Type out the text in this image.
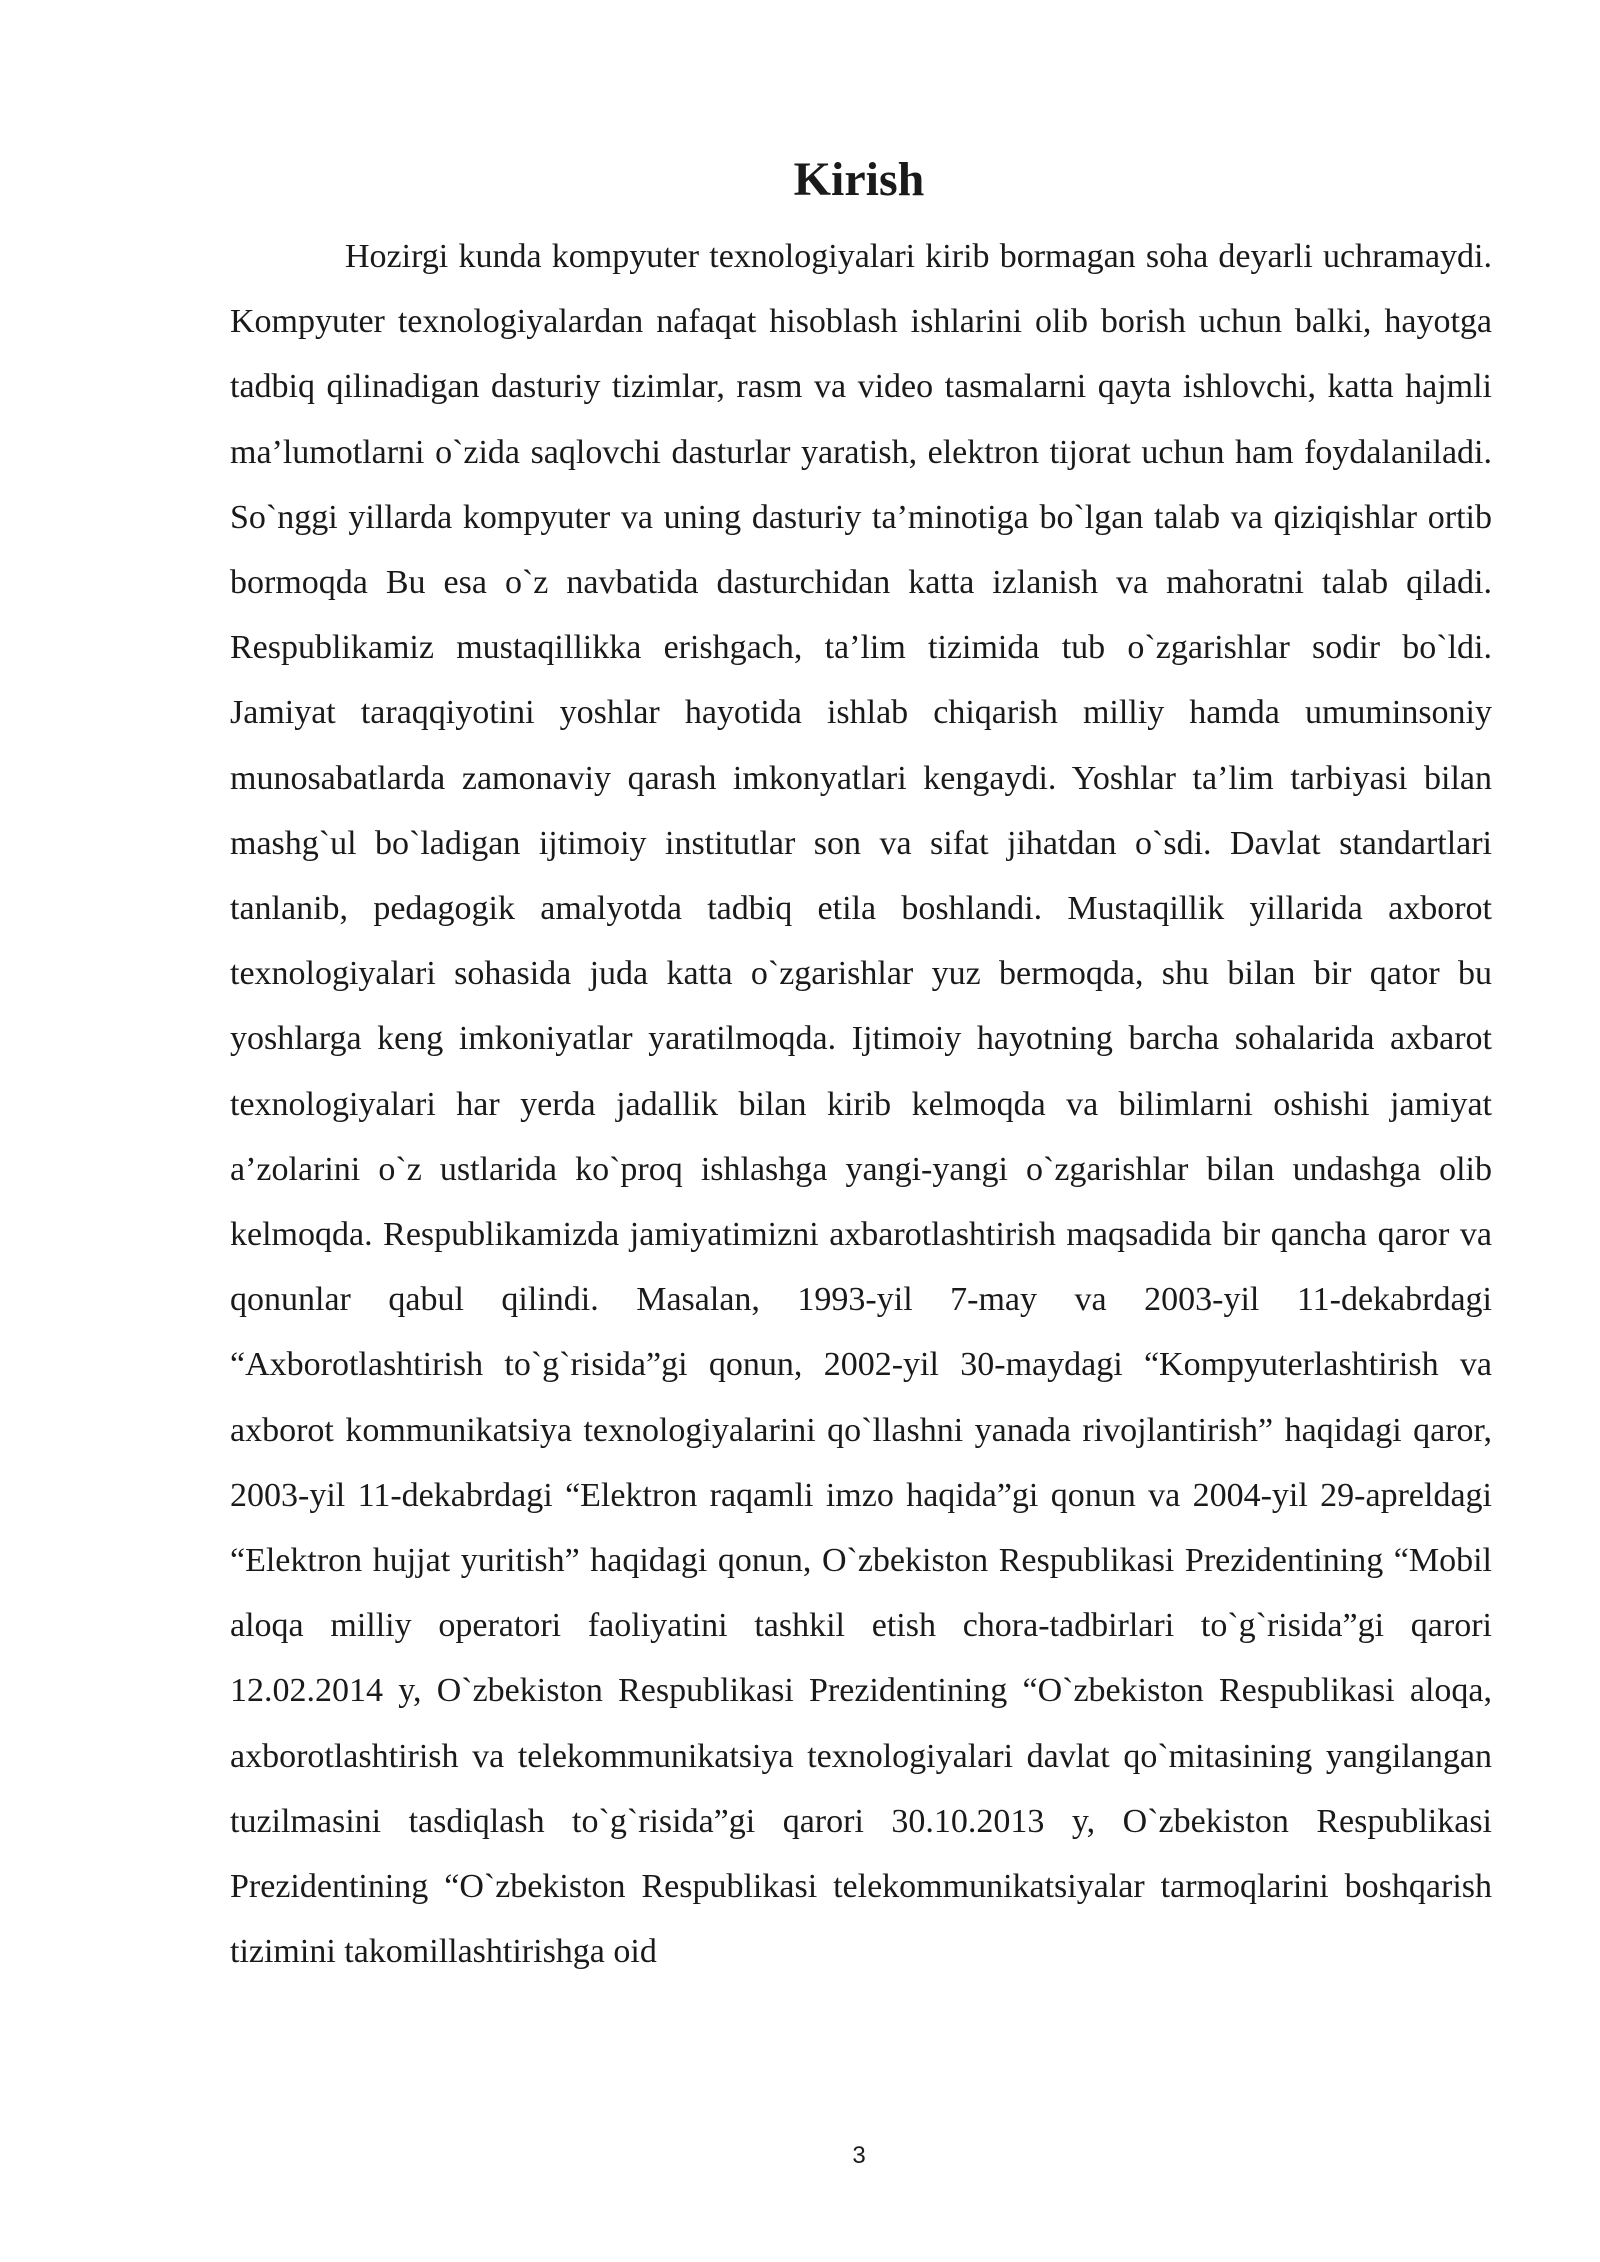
Kirish

Hozirgi kunda kompyuter texnologiyalari kirib bormagan soha deyarli uchramaydi. Kompyuter texnologiyalardan nafaqat hisoblash ishlarini olib borish uchun balki, hayotga tadbiq qilinadigan dasturiy tizimlar, rasm va video tasmalarni qayta ishlovchi, katta hajmli ma’lumotlarni o`zida saqlovchi dasturlar yaratish, elektron tijorat uchun ham foydalaniladi. So`nggi yillarda kompyuter va uning dasturiy ta’minotiga bo`lgan talab va qiziqishlar ortib bormoqda Bu esa o`z navbatida dasturchidan katta izlanish va mahoratni talab qiladi. Respublikamiz mustaqillikka erishgach, ta’lim tizimida tub o`zgarishlar sodir bo`ldi. Jamiyat taraqqiyotini yoshlar hayotida ishlab chiqarish milliy hamda umuminsoniy munosabatlarda zamonaviy qarash imkonyatlari kengaydi. Yoshlar ta’lim tarbiyasi bilan mashg`ul bo`ladigan ijtimoiy institutlar son va sifat jihatdan o`sdi. Davlat standartlari tanlanib, pedagogik amalyotda tadbiq etila boshlandi. Mustaqillik yillarida axborot texnologiyalari sohasida juda katta o`zgarishlar yuz bermoqda, shu bilan bir qator bu yoshlarga keng imkoniyatlar yaratilmoqda. Ijtimoiy hayotning barcha sohalarida axbarot texnologiyalari har yerda jadallik bilan kirib kelmoqda va bilimlarni oshishi jamiyat a’zolarini o`z ustlarida ko`proq ishlashga yangi-yangi o`zgarishlar bilan undashga olib kelmoqda. Respublikamizda jamiyatimizni axbarotlashtirish maqsadida bir qancha qaror va qonunlar qabul qilindi. Masalan, 1993-yil 7-may va 2003-yil 11-dekabrdagi “Axborotlashtirish to`g`risida”gi qonun, 2002-yil 30-maydagi “Kompyuterlashtirish va axborot kommunikatsiya texnologiyalarini qo`llashni yanada rivojlantirish” haqidagi qaror, 2003-yil 11-dekabrdagi “Elektron raqamli imzo haqida”gi qonun va 2004-yil 29-apreldagi “Elektron hujjat yuritish” haqidagi qonun, O`zbekiston Respublikasi Prezidentining “Mobil aloqa milliy operatori faoliyatini tashkil etish chora-tadbirlari to`g`risida”gi qarori 12.02.2014 y, O`zbekiston Respublikasi Prezidentining “O`zbekiston Respublikasi aloqa, axborotlashtirish va telekommunikatsiya texnologiyalari davlat qo`mitasining yangilangan tuzilmasini tasdiqlash to`g`risida”gi qarori 30.10.2013 y, O`zbekiston Respublikasi Prezidentining “O`zbekiston Respublikasi telekommunikatsiyalar tarmoqlarini boshqarish tizimini takomillashtirishga oid

3
